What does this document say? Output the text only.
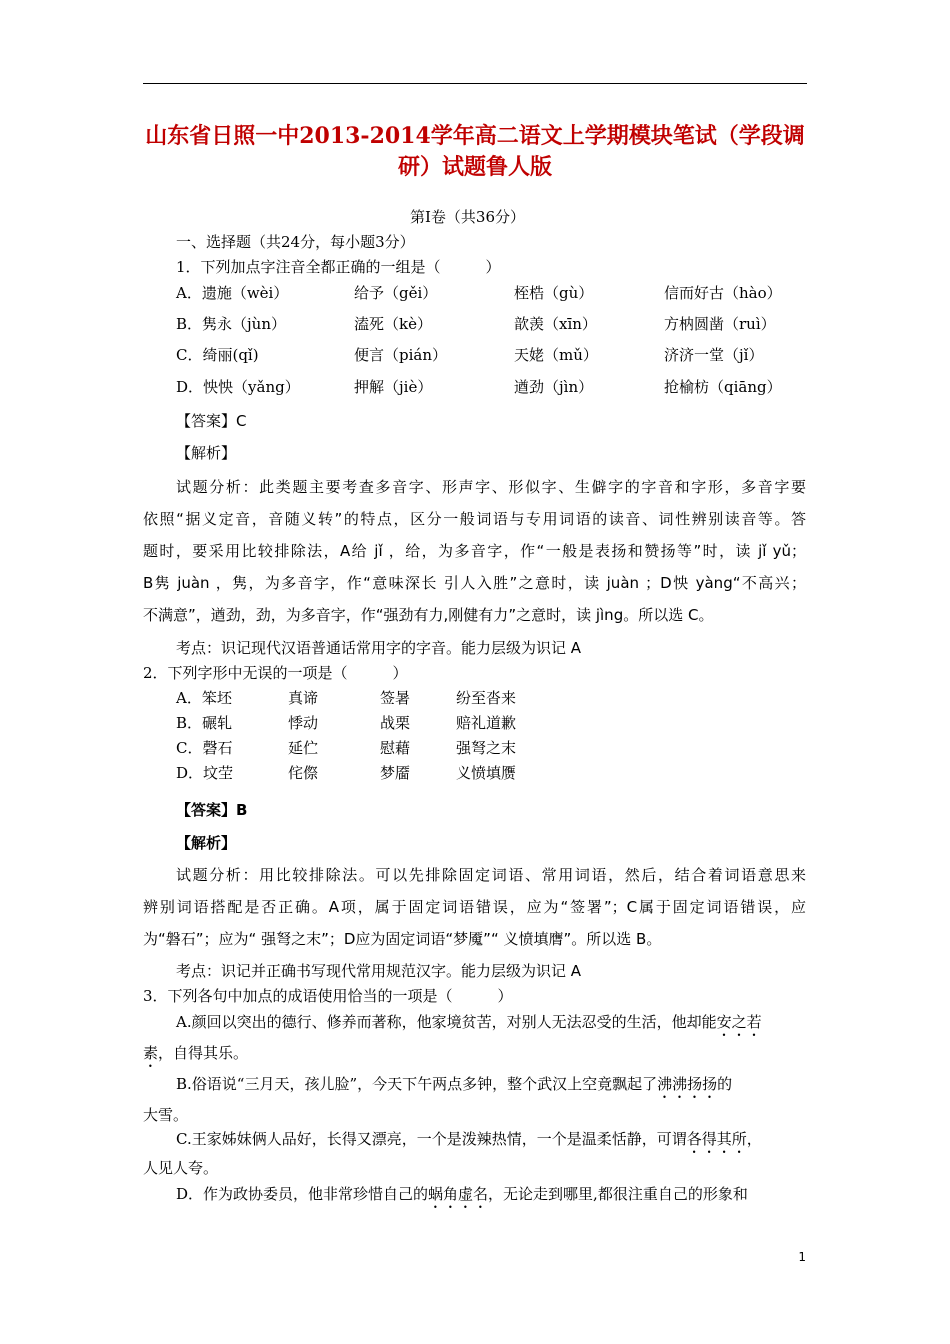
山东省日照一中2013-2014学年高二语文上学期模块笔试（学段调
研）试题鲁人版
第Ⅰ卷（共36分）
一、选择题（共24分，每小题3分）
1．下列加点字注音全都正确的一组是（　　　）
A．遗施（wèi）	给予（gěi）	桎梏（gù）	信而好古（hào）
B．隽永（jùn）	溘死（kè）	歆羡（xīn）	方枘圆凿（ruì）
C．绮丽(qǐ)	便言（pián）	天姥（mǔ）	济济一堂（jǐ）
D．怏怏（yǎng）	押解（jiè）	遒劲（jìn）	抢榆枋（qiāng）
【答案】C
【解析】
试题分析：此类题主要考查多音字、形声字、形似字、生僻字的字音和字形，多音字要
依照“据义定音，音随义转”的特点，区分一般词语与专用词语的读音、词性辨别读音等。答
题时，要采用比较排除法，A给 jǐ ，给，为多音字，作“一般是表扬和赞扬等”时，读 jǐ yǔ；
B隽 juàn ，隽，为多音字，作“意味深长 引人入胜”之意时，读 juàn ；D怏 yàng“不高兴；
不满意”，遒劲，劲，为多音字，作“强劲有力,刚健有力”之意时，读 jìng。所以选 C。
考点：识记现代汉语普通话常用字的字音。能力层级为识记 A
2．下列字形中无误的一项是（　　　）
A．笨坯	真谛	签暑	纷至沓来
B．碾轧	悸动	战栗	赔礼道歉
C．磬石	延伫	慰藉	强弩之末
D．坟茔	侘傺	梦靥	义愤填赝
【答案】B
【解析】
试题分析：用比较排除法。可以先排除固定词语、常用词语，然后，结合着词语意思来
辨别词语搭配是否正确。A项，属于固定词语错误，应为“签署”；C属于固定词语错误，应
为“磐石”；应为“ 强弩之末”；D应为固定词语“梦魇”“ 义愤填膺”。所以选 B。
考点：识记并正确书写现代常用规范汉字。能力层级为识记 A
3．下列各句中加点的成语使用恰当的一项是（　　　）
A.颜回以突出的德行、修养而著称，他家境贫苦，对别人无法忍受的生活，他却能安之若
素，自得其乐。
B.俗语说“三月天，孩儿脸”，今天下午两点多钟，整个武汉上空竟飘起了沸沸扬扬的
大雪。
C.王家姊妹俩人品好，长得又漂亮，一个是泼辣热情，一个是温柔恬静，可谓各得其所，
人见人夸。
D．作为政协委员，他非常珍惜自己的蜗角虚名，无论走到哪里,都很注重自己的形象和
1
